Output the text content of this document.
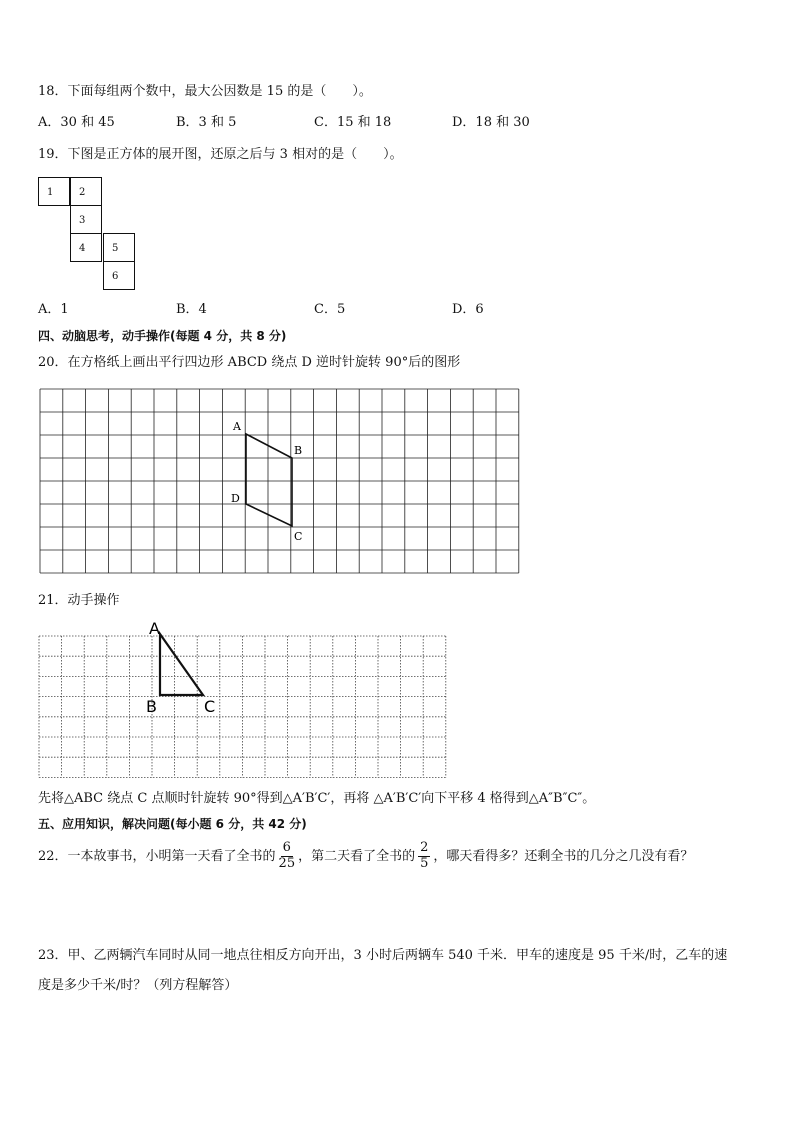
18．下面每组两个数中，最大公因数是 15 的是（　　）。
A．30 和 45	B．3 和 5	C．15 和 18	D．18 和 30
19．下图是正方体的展开图，还原之后与 3 相对的是（　　）。
1	2
3
4	5
6
A．1	B．4	C．5	D．6
四、动脑思考，动手操作(每题 4 分，共 8 分)
20．在方格纸上画出平行四边形 ABCD 绕点 D 逆时针旋转 90°后的图形
A
B
C
D
21．动手操作
A
B	C
先将△ABC 绕点 C 点顺时针旋转 90°得到△A′B′C′，再将 △A′B′C′向下平移 4 格得到△A″B″C″。
五、应用知识，解决问题(每小题 6 分，共 42 分)
22．一本故事书，小明第一天看了全书的 $\frac{6}{25}$ ，第二天看了全书的 $\frac{2}{5}$ ，哪天看得多？还剩全书的几分之几没有看？
23．甲、乙两辆汽车同时从同一地点往相反方向开出，3 小时后两辆车 540 千米．甲车的速度是 95 千米/时，乙车的速
度是多少千米/时？（列方程解答）
